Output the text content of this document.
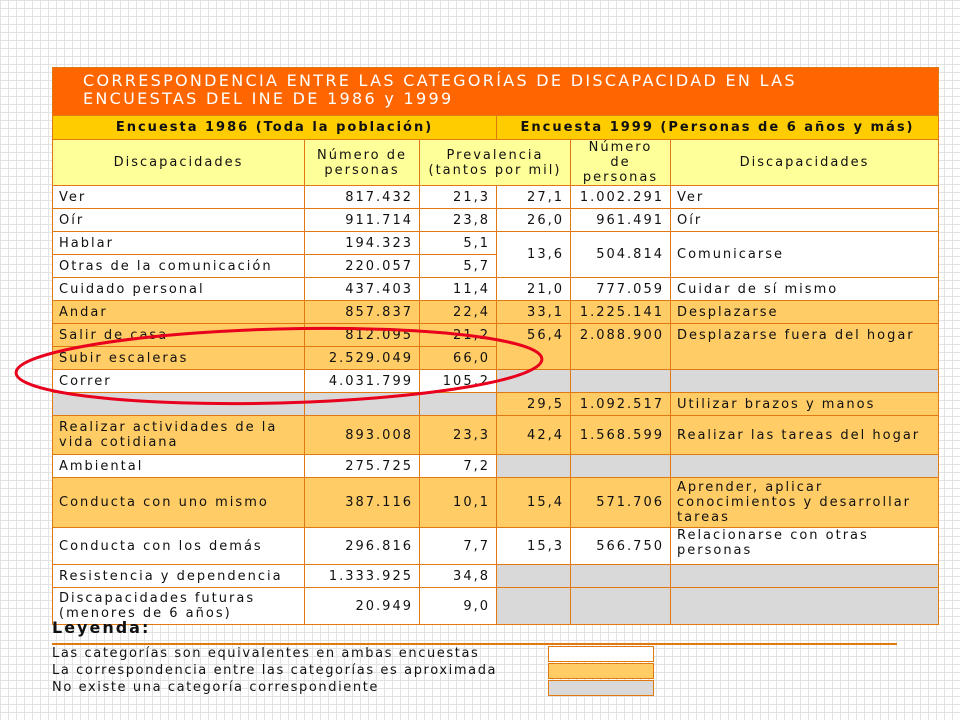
CORRESPONDENCIA ENTRE LAS CATEGORÍAS DE DISCAPACIDAD EN LAS ENCUESTAS DEL INE DE 1986 y 1999					
Encuesta 1986 (Toda la población)			Encuesta 1999 (Personas de 6 años y más)		
Discapacidades	Número de personas	Prevalencia (tantos por mil)		Número de personas	Discapacidades
Ver	817.432	21,3	27,1	1.002.291	Ver
Oír	911.714	23,8	26,0	961.491	Oír
Hablar	194.323	5,1	13,6	504.814	Comunicarse
Otras de la comunicación	220.057	5,7			
Cuidado personal	437.403	11,4	21,0	777.059	Cuidar de sí mismo
Andar	857.837	22,4	33,1	1.225.141	Desplazarse
Salir de casa	812.095	21,2	56,4	2.088.900	Desplazarse fuera del hogar
Subir escaleras	2.529.049	66,0			
Correr	4.031.799	105,2			
			29,5	1.092.517	Utilizar brazos y manos
Realizar actividades de la vida cotidiana	893.008	23,3	42,4	1.568.599	Realizar las tareas del hogar
Ambiental	275.725	7,2			
Conducta con uno mismo	387.116	10,1	15,4	571.706	Aprender, aplicar conocimientos y desarrollar tareas
Conducta con los demás	296.816	7,7	15,3	566.750	Relacionarse con otras personas
Resistencia y dependencia	1.333.925	34,8			
Discapacidades futuras (menores de 6 años)	20.949	9,0			
Leyenda:
Las categorías son equivalentes en ambas encuestas
La correspondencia entre las categorías es aproximada
No existe una categoría correspondiente
